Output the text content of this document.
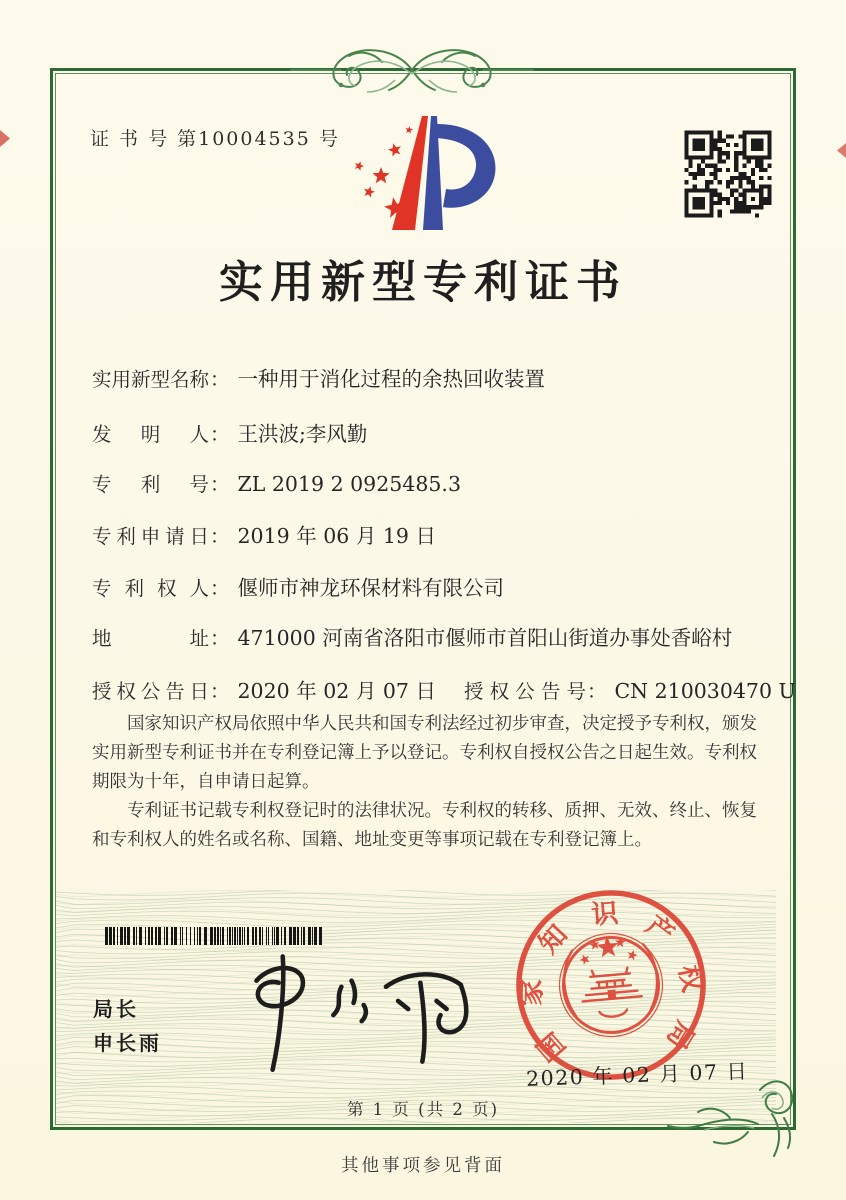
证 书 号 第10004535 号
实用新型专利证书
实用新型名称： 一种用于消化过程的余热回收装置
发明人： 王洪波;李风勤
专利号： ZL 2019 2 0925485.3
专利申请日： 2019 年 06 月 19 日
专利权人： 偃师市神龙环保材料有限公司
地址： 471000 河南省洛阳市偃师市首阳山街道办事处香峪村
授权公告日： 2020 年 02 月 07 日 授权公告号： CN 210030470 U

国家知识产权局依照中华人民共和国专利法经过初步审查，决定授予专利权，颁发实用新型专利证书并在专利登记簿上予以登记。专利权自授权公告之日起生效。专利权期限为十年，自申请日起算。

专利证书记载专利权登记时的法律状况。专利权的转移、质押、无效、终止、恢复和专利权人的姓名或名称、国籍、地址变更等事项记载在专利登记簿上。

局长
申长雨	国
家
知
识 产
权
局
2020 年 02 月 07 日
第 1 页 (共 2 页)
其他事项参见背面
